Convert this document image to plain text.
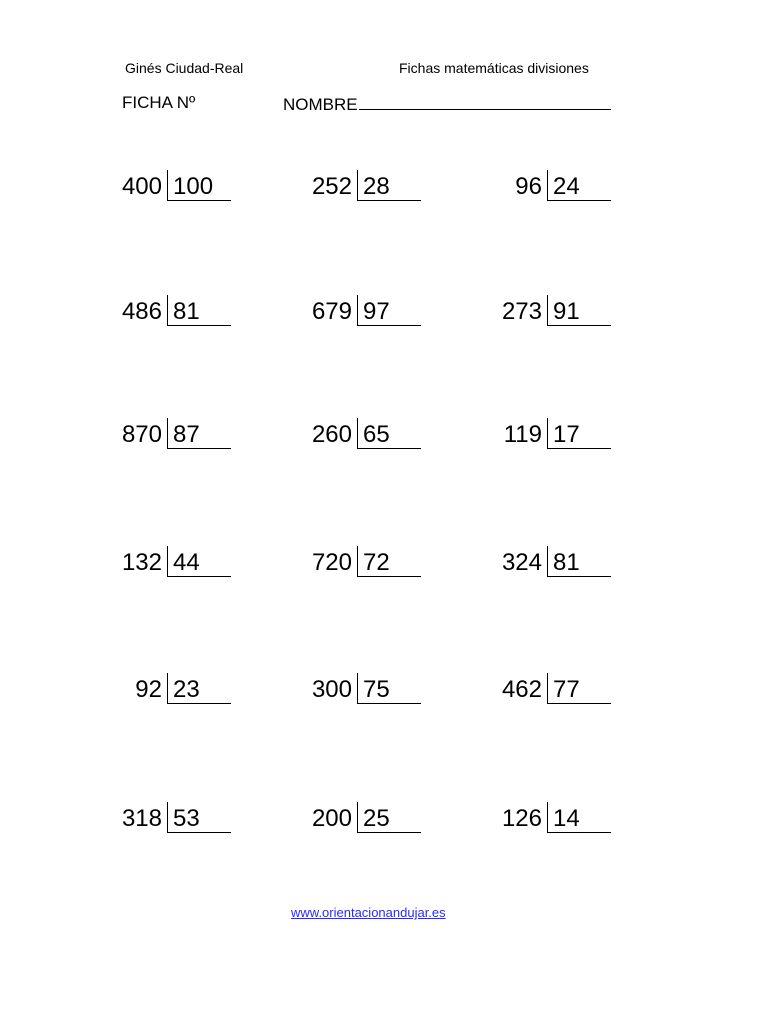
Ginés Ciudad-Real	Fichas matemáticas divisiones
FICHA Nº	NOMBRE
400 100	252 28	96 24
486 81	679 97	273 91
870 87	260 65	119 17
132 44	720 72	324 81
92 23	300 75	462 77
318 53	200 25	126 14
www.orientacionandujar.es
